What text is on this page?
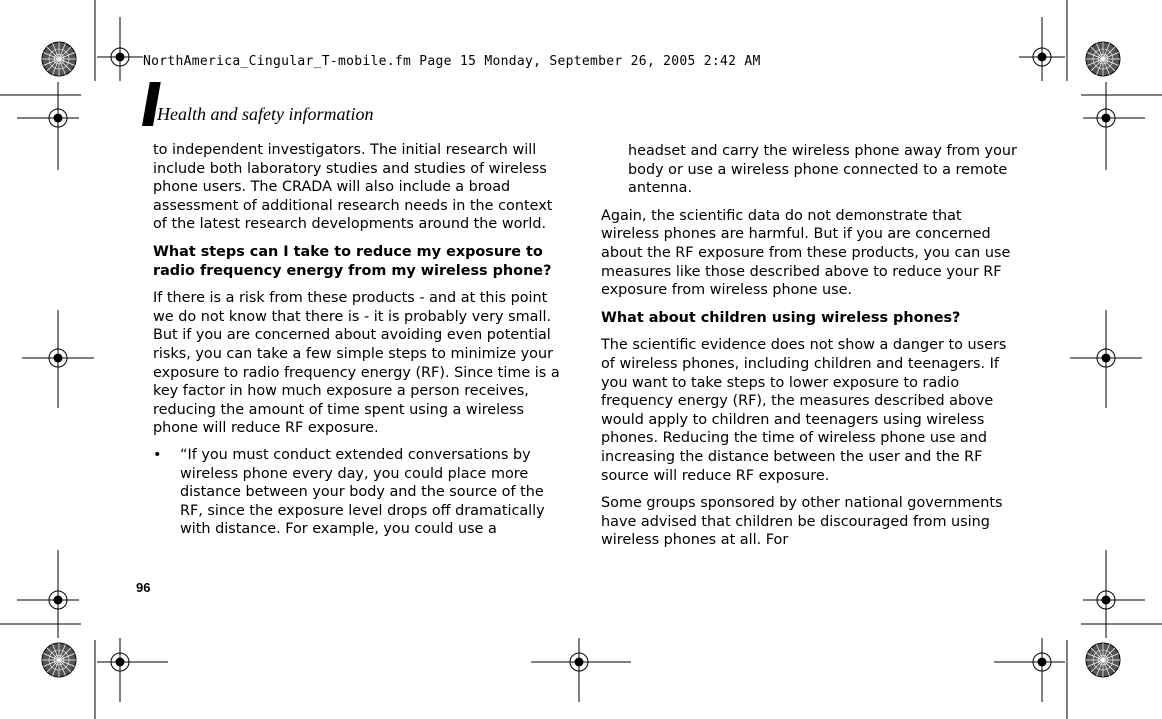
NorthAmerica_Cingular_T-mobile.fm Page 15 Monday, September 26, 2005 2:42 AM
Health and safety information

to independent investigators. The initial research will include both laboratory studies and studies of wireless phone users. The CRADA will also include a broad assessment of additional research needs in the context of the latest research developments around the world.

What steps can I take to reduce my exposure to radio frequency energy from my wireless phone?

If there is a risk from these products - and at this point we do not know that there is - it is probably very small. But if you are concerned about avoiding even potential risks, you can take a few simple steps to minimize your exposure to radio frequency energy (RF). Since time is a key factor in how much exposure a person receives, reducing the amount of time spent using a wireless phone will reduce RF exposure.

• “If you must conduct extended conversations by wireless phone every day, you could place more distance between your body and the source of the RF, since the exposure level drops off dramatically with distance. For example, you could use a

headset and carry the wireless phone away from your body or use a wireless phone connected to a remote antenna.

Again, the scientific data do not demonstrate that wireless phones are harmful. But if you are concerned about the RF exposure from these products, you can use measures like those described above to reduce your RF exposure from wireless phone use.

What about children using wireless phones?

The scientific evidence does not show a danger to users of wireless phones, including children and teenagers. If you want to take steps to lower exposure to radio frequency energy (RF), the measures described above would apply to children and teenagers using wireless phones. Reducing the time of wireless phone use and increasing the distance between the user and the RF source will reduce RF exposure.

Some groups sponsored by other national governments have advised that children be discouraged from using wireless phones at all. For

96
